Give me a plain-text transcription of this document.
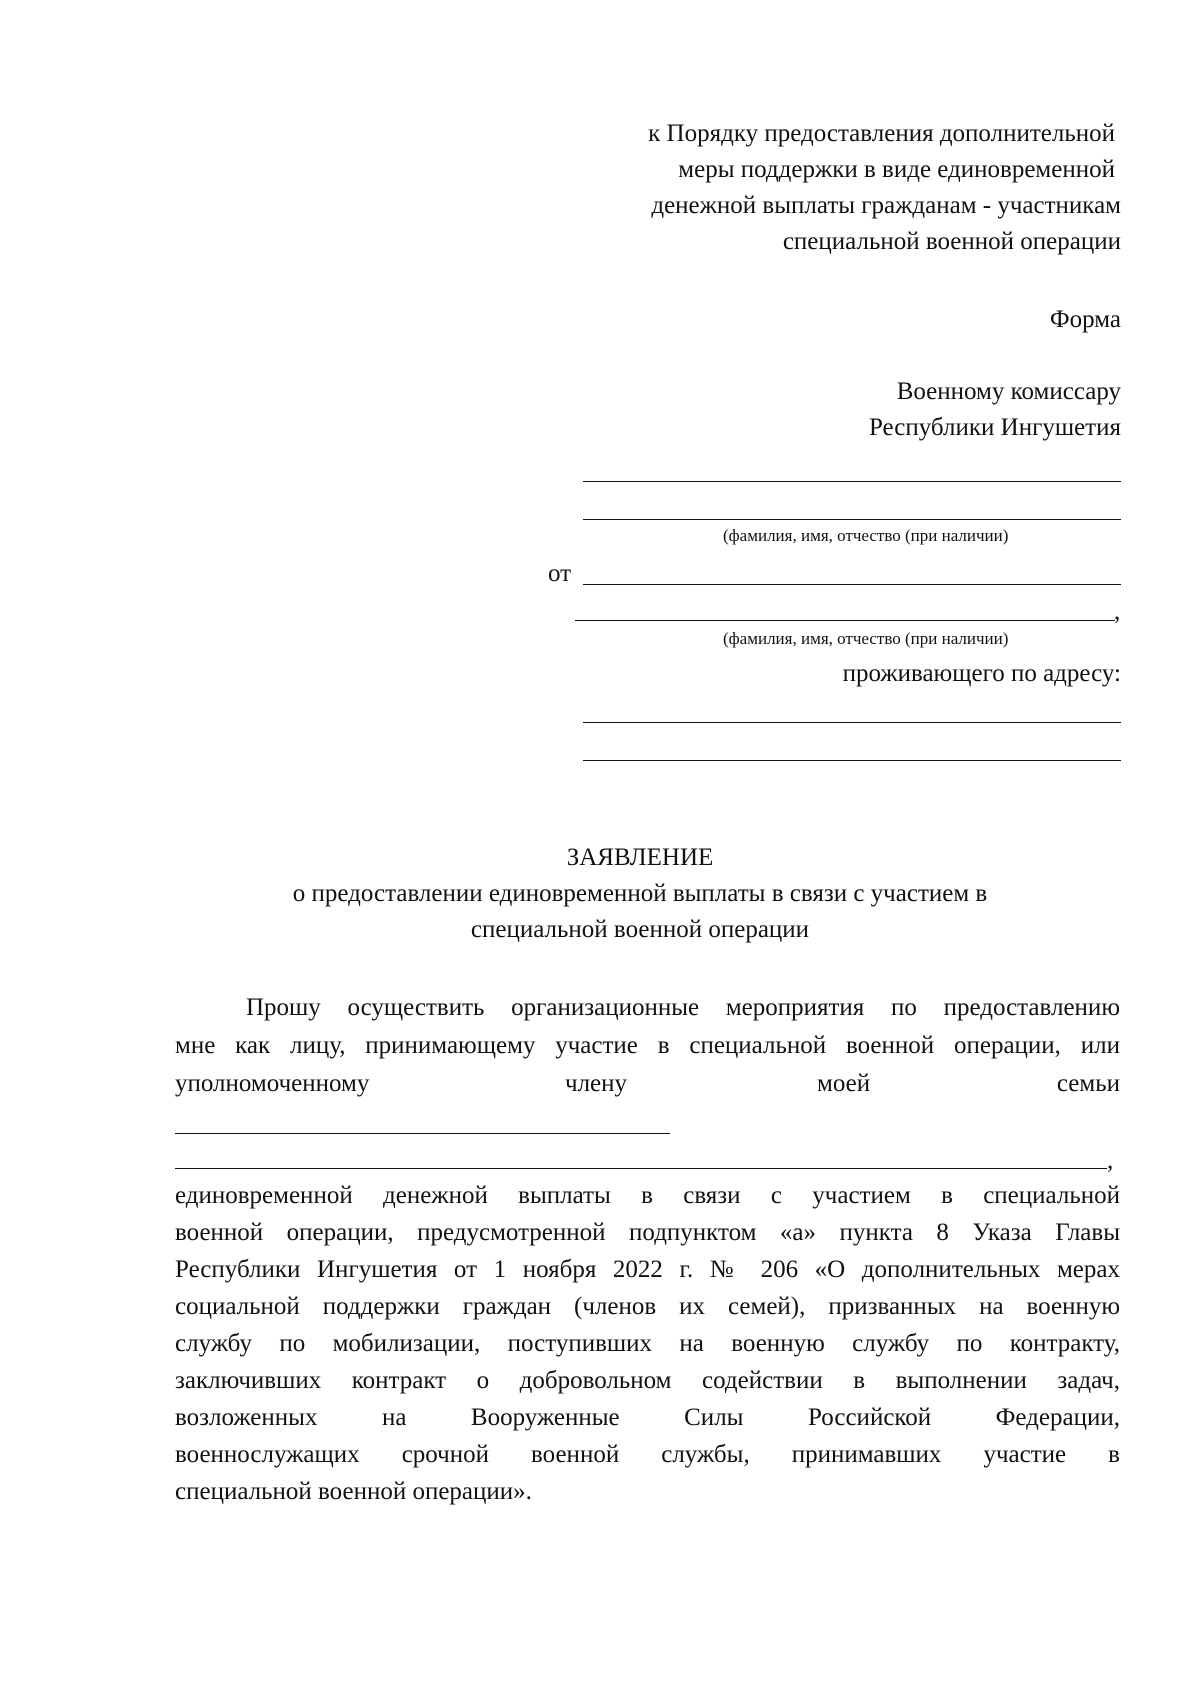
к Порядку предоставления дополнительной
меры поддержки в виде единовременной
денежной выплаты гражданам - участникам
специальной военной операции
Форма
Военному комиссару
Республики Ингушетия
(фамилия, имя, отчество (при наличии)
от
,
(фамилия, имя, отчество (при наличии)
проживающего по адресу:
ЗАЯВЛЕНИЕ
о предоставлении единовременной выплаты в связи с участием в
специальной военной операции
Прошу осуществить организационные мероприятия по предоставлению
мне как лицу, принимающему участие в специальной военной операции, или
уполномоченному	члену	моей	семьи
,
единовременной денежной выплаты в связи с участием в специальной
военной операции, предусмотренной подпунктом «а» пункта 8 Указа Главы
Республики Ингушетия от 1 ноября 2022 г. № 206 «О дополнительных мерах
социальной поддержки граждан (членов их семей), призванных на военную
службу по мобилизации, поступивших на военную службу по контракту,
заключивших контракт о добровольном содействии в выполнении задач,
возложенных на Вооруженные Силы Российской Федерации,
военнослужащих срочной военной службы, принимавших участие в
специальной военной операции».
